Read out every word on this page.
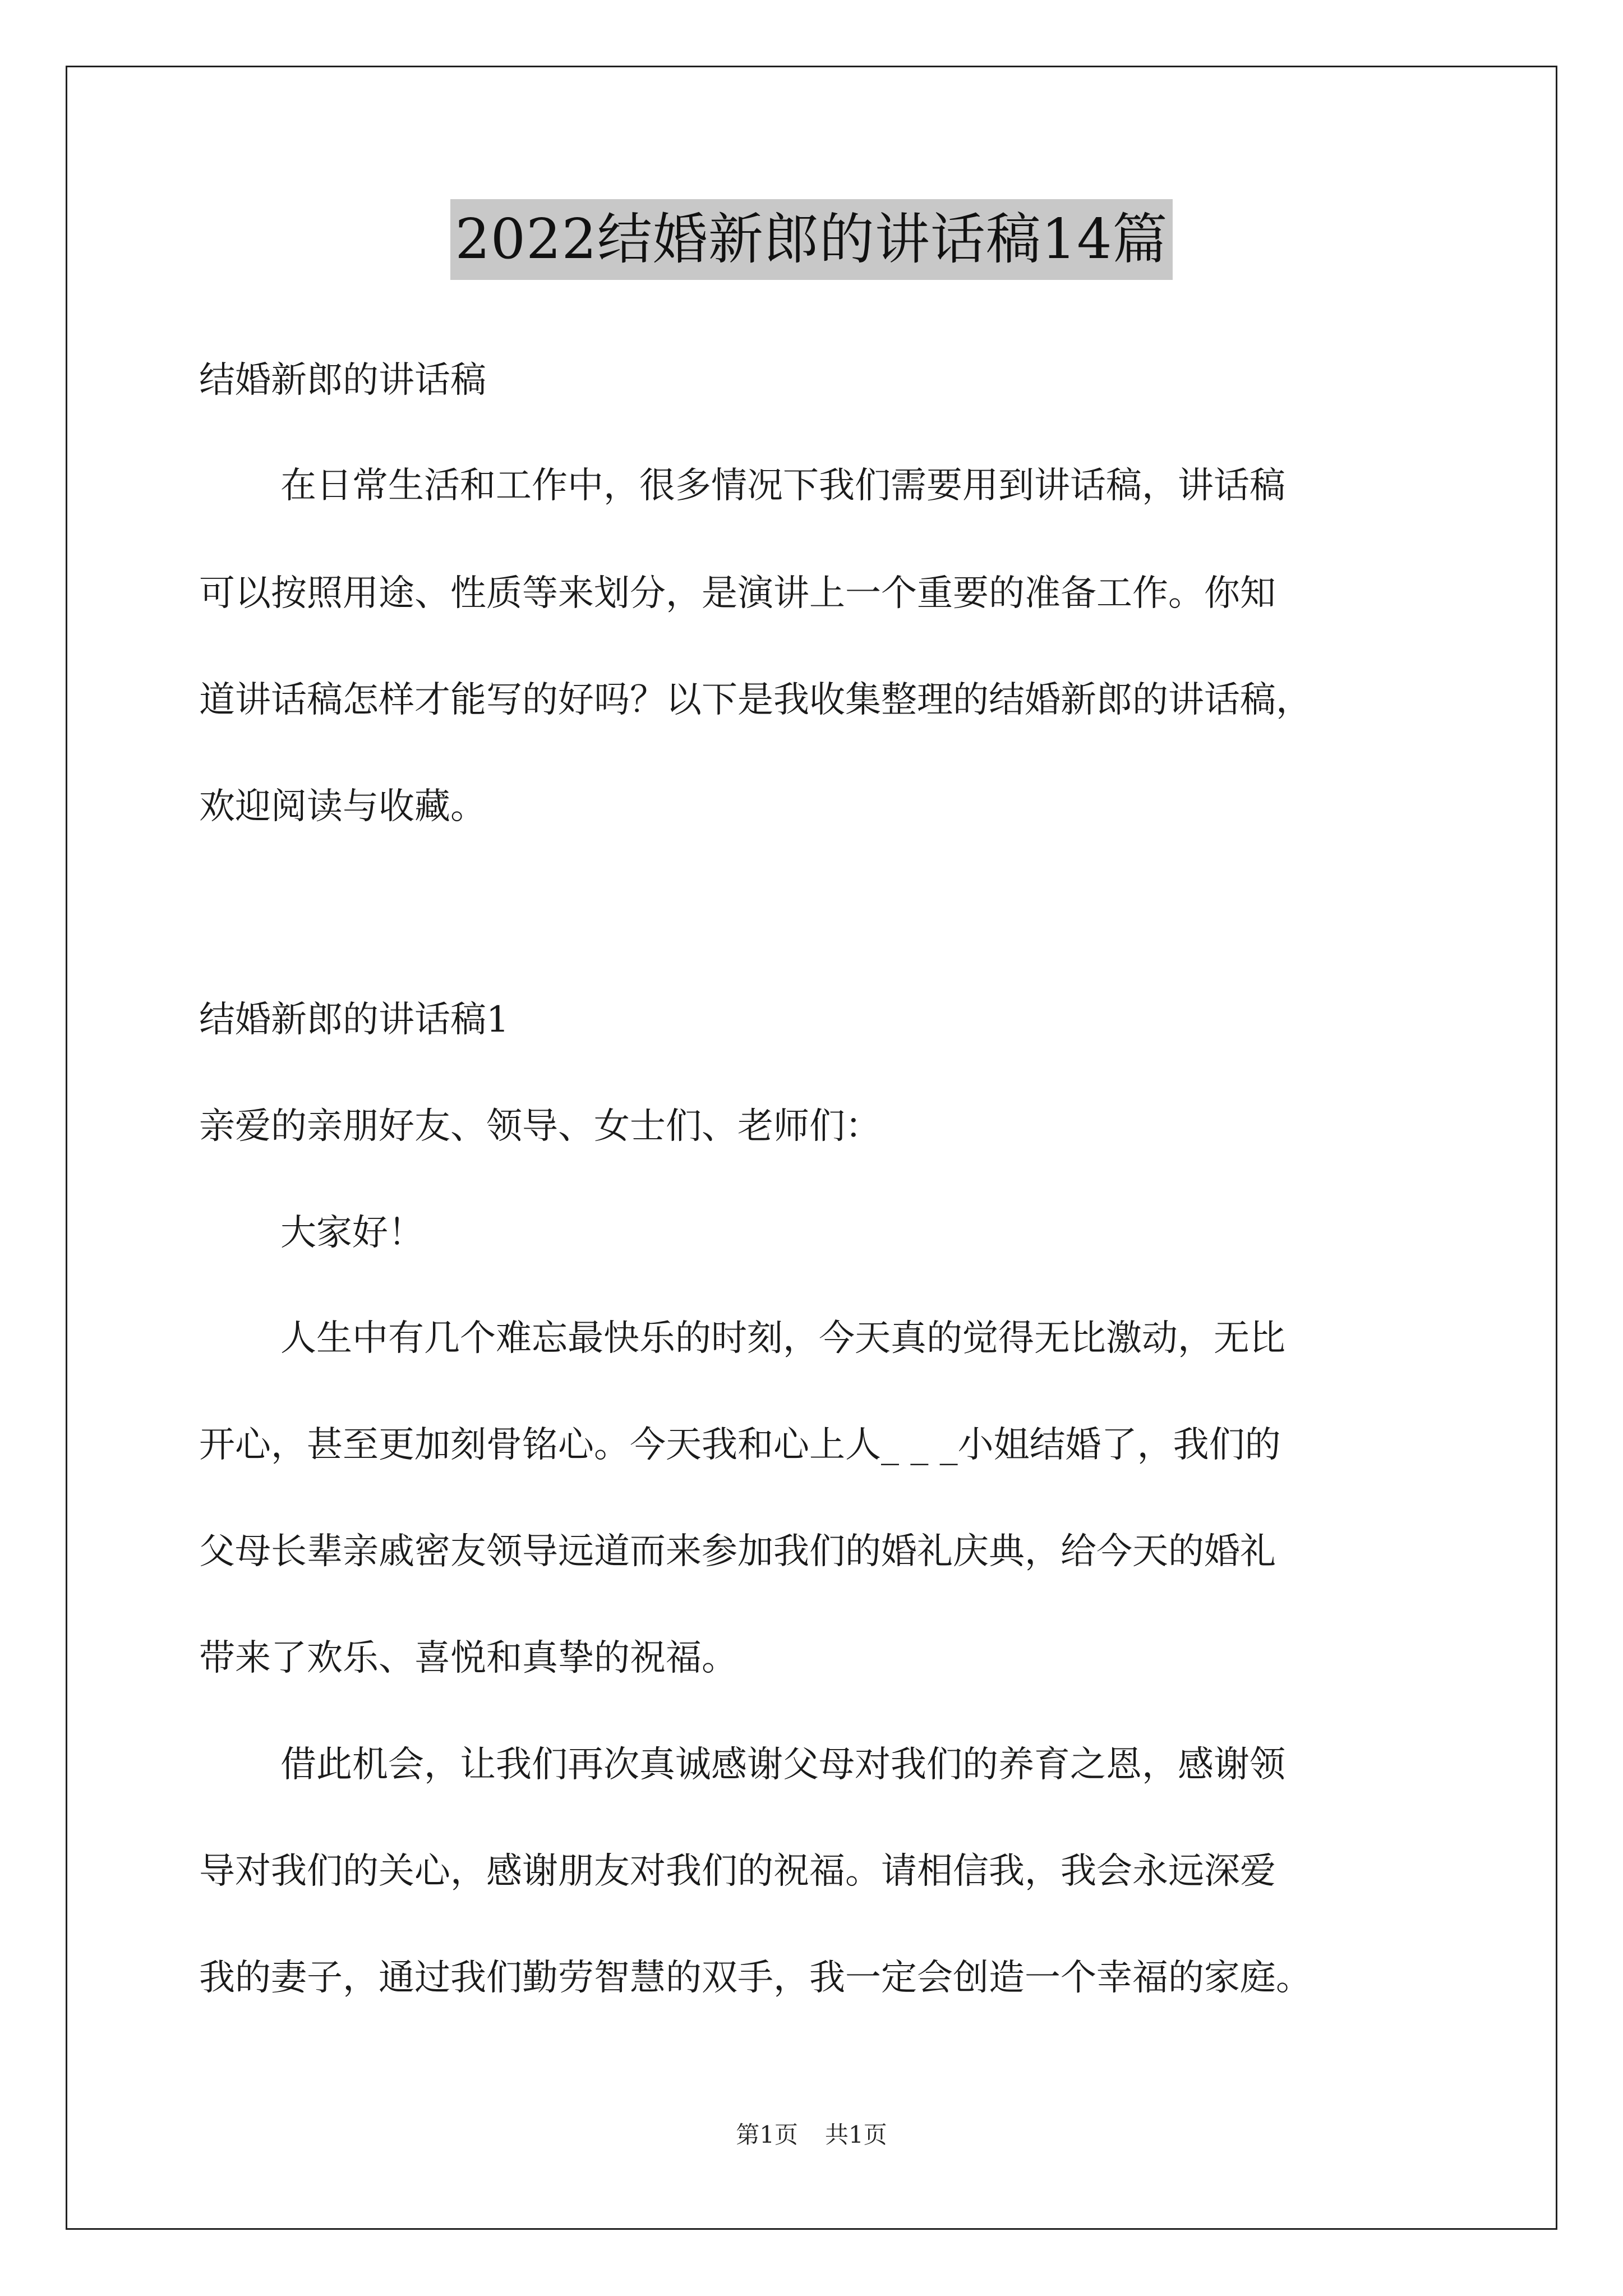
2022结婚新郎的讲话稿14篇
结婚新郎的讲话稿
在日常生活和工作中，很多情况下我们需要用到讲话稿，讲话稿
可以按照用途、性质等来划分，是演讲上一个重要的准备工作。你知
道讲话稿怎样才能写的好吗？以下是我收集整理的结婚新郎的讲话稿，
欢迎阅读与收藏。
结婚新郎的讲话稿1
亲爱的亲朋好友、领导、女士们、老师们：
大家好！
人生中有几个难忘最快乐的时刻，今天真的觉得无比激动，无比
开心，甚至更加刻骨铭心。今天我和心上人_ _ _小姐结婚了，我们的
父母长辈亲戚密友领导远道而来参加我们的婚礼庆典，给今天的婚礼
带来了欢乐、喜悦和真挚的祝福。
借此机会，让我们再次真诚感谢父母对我们的养育之恩，感谢领
导对我们的关心，感谢朋友对我们的祝福。请相信我，我会永远深爱
我的妻子，通过我们勤劳智慧的双手，我一定会创造一个幸福的家庭。
第1页 共1页
